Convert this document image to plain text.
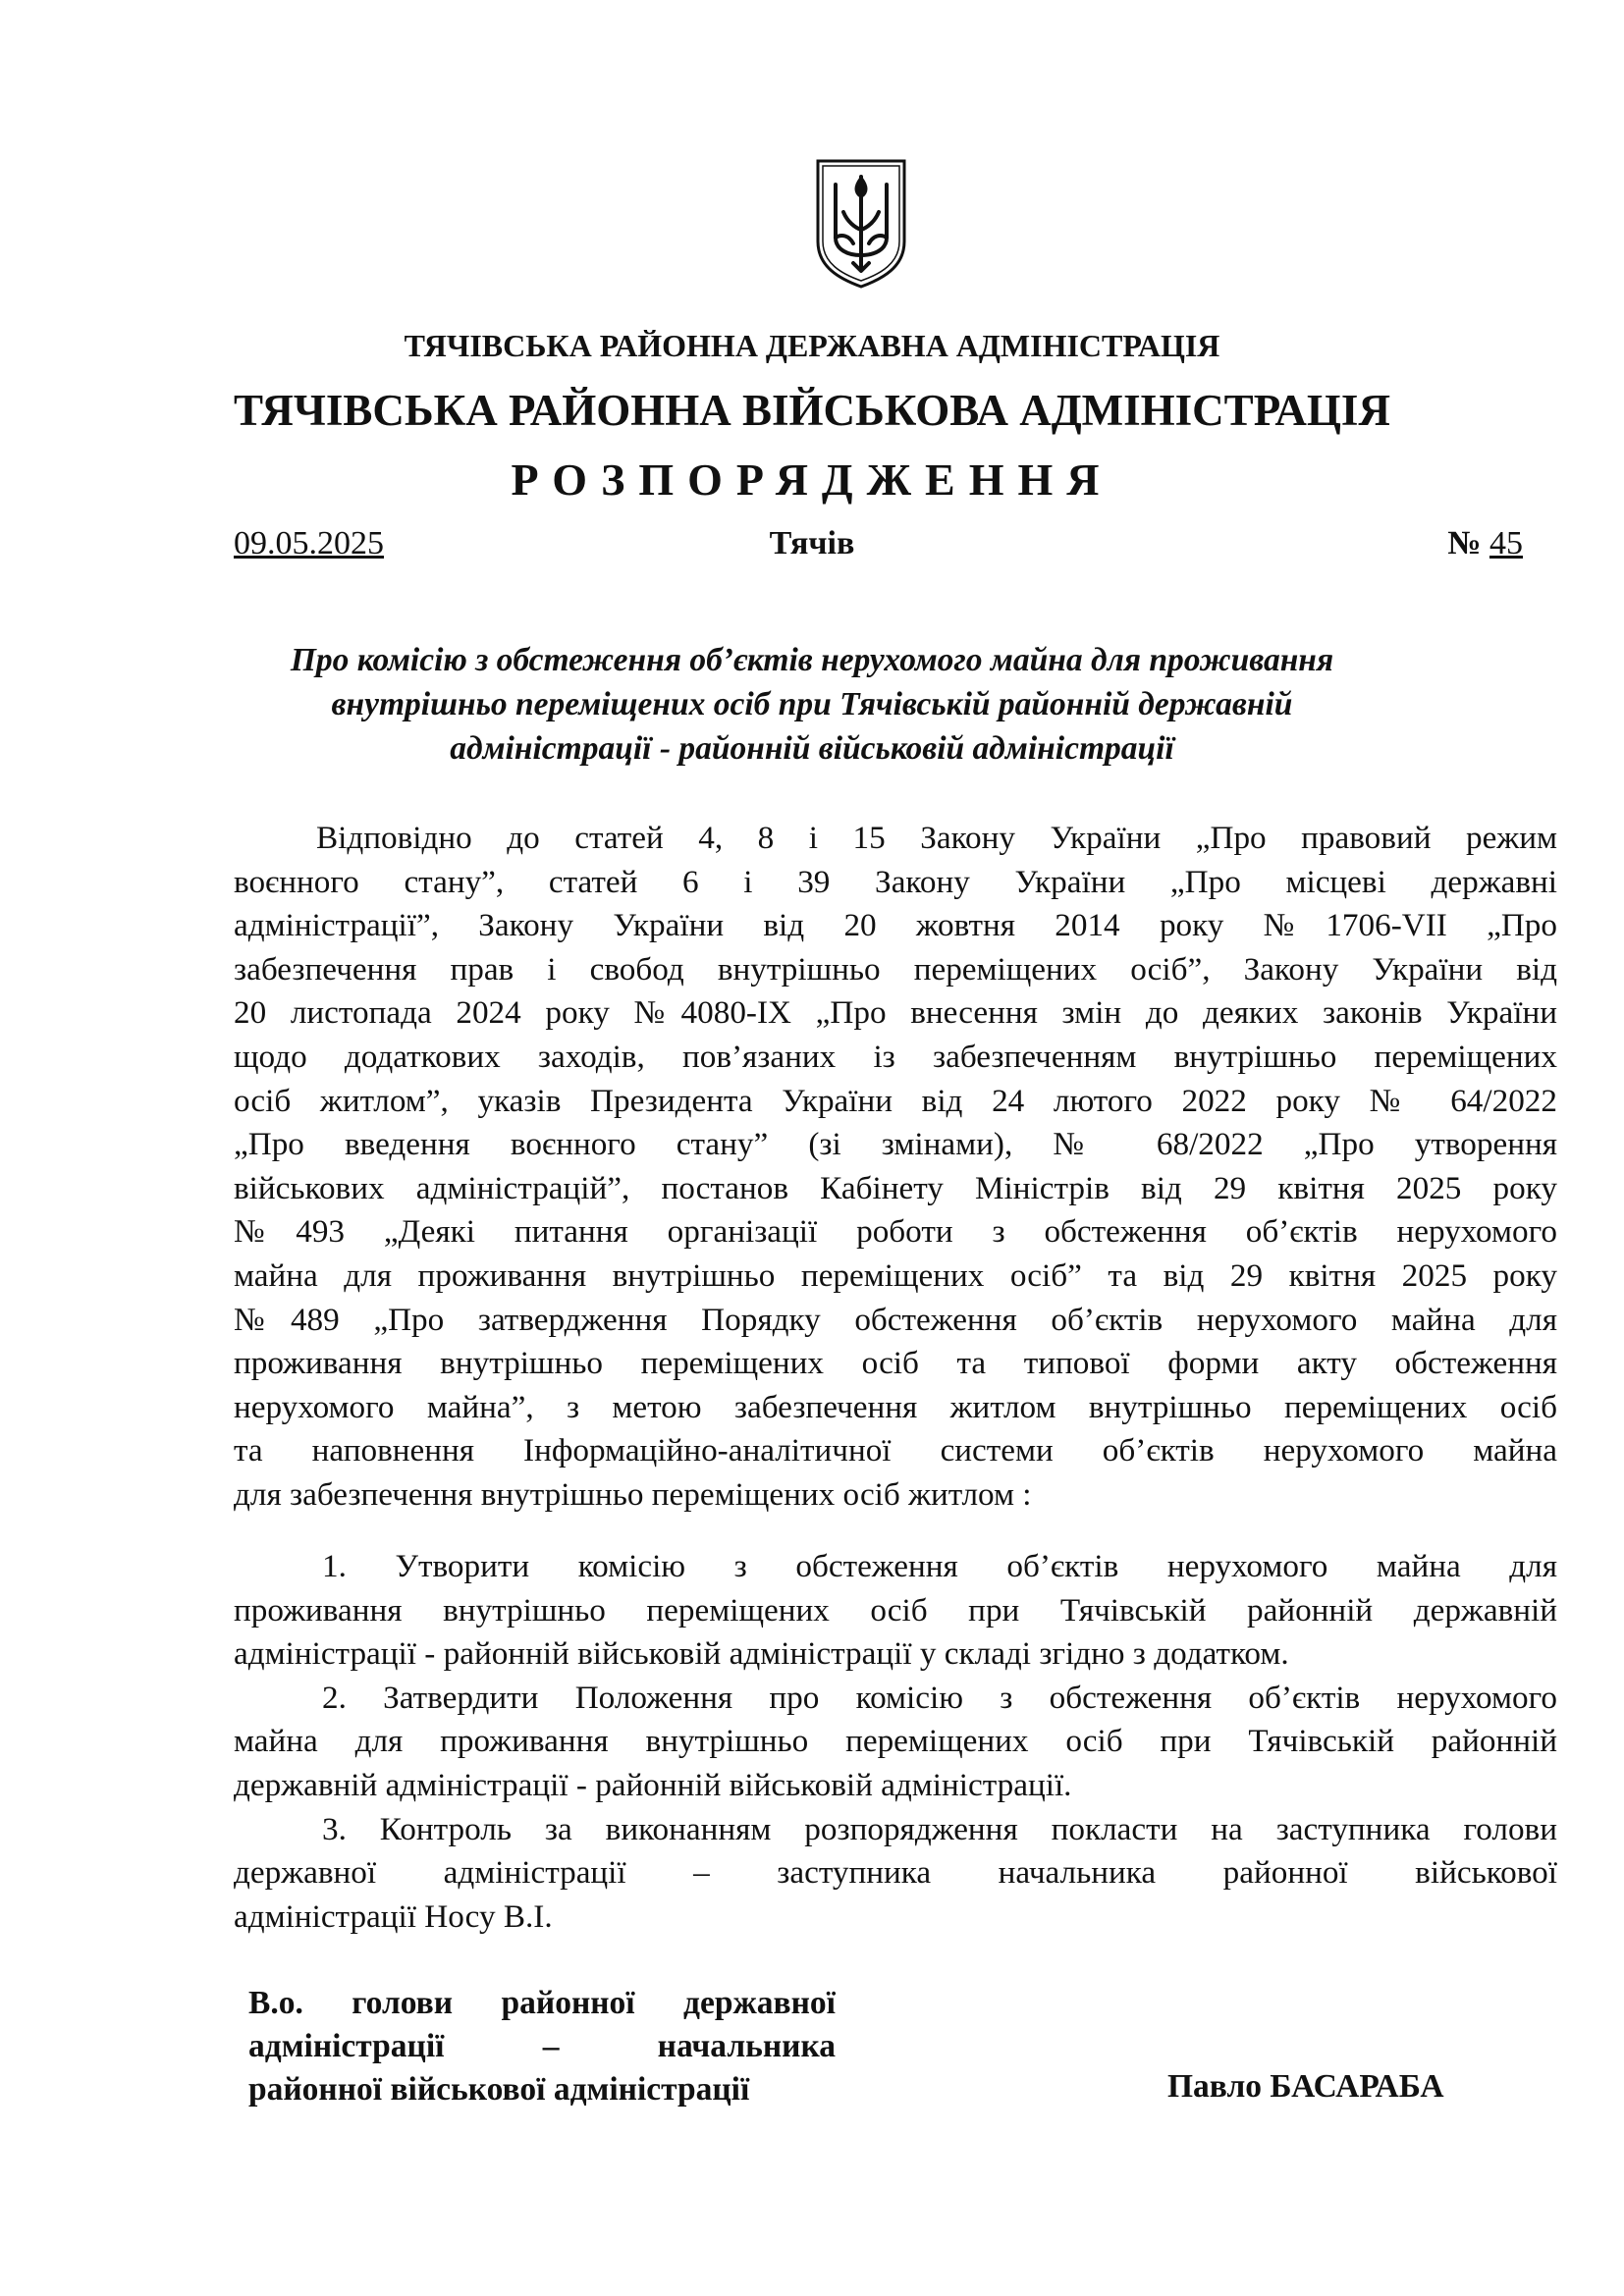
ТЯЧІВСЬКА РАЙОННА ДЕРЖАВНА АДМІНІСТРАЦІЯ
ТЯЧІВСЬКА РАЙОННА ВІЙСЬКОВА АДМІНІСТРАЦІЯ
РОЗПОРЯДЖЕННЯ
09.05.2025	Тячів	№ 45
Про комісію з обстеження об’єктів нерухомого майна для проживання
внутрішньо переміщених осіб при Тячівській районній державній
адміністрації - районній військовій адміністрації
Відповідно до статей 4, 8 і 15 Закону України „Про правовий режим
воєнного стану”, статей 6 і 39 Закону України „Про місцеві державні
адміністрації”, Закону України від 20 жовтня 2014 року №1706-VII „Про
забезпечення прав і свобод внутрішньо переміщених осіб”, Закону України від
20 листопада 2024 року №4080-IX „Про внесення змін до деяких законів України
щодо додаткових заходів, пов’язаних із забезпеченням внутрішньо переміщених
осіб житлом”, указів Президента України від 24 лютого 2022 року № 64/2022
„Про введення воєнного стану” (зі змінами), № 68/2022 „Про утворення
військових адміністрацій”, постанов Кабінету Міністрів від 29 квітня 2025 року
№493 „Деякі питання організації роботи з обстеження об’єктів нерухомого
майна для проживання внутрішньо переміщених осіб” та від 29 квітня 2025 року
№489 „Про затвердження Порядку обстеження об’єктів нерухомого майна для
проживання внутрішньо переміщених осіб та типової форми акту обстеження
нерухомого майна”, з метою забезпечення житлом внутрішньо переміщених осіб
та наповнення Інформаційно-аналітичної системи об’єктів нерухомого майна
для забезпечення внутрішньо переміщених осіб житлом :
1. Утворити комісію з обстеження об’єктів нерухомого майна для
проживання внутрішньо переміщених осіб при Тячівській районній державній
адміністрації - районній військовій адміністрації у складі згідно з додатком.
2. Затвердити Положення про комісію з обстеження об’єктів нерухомого
майна для проживання внутрішньо переміщених осіб при Тячівській районній
державній адміністрації - районній військовій адміністрації.
3. Контроль за виконанням розпорядження покласти на заступника голови
державної адміністрації – заступника начальника районної військової
адміністрації Носу В.І.
В.о. голови районної державної
адміністрації – начальника
районної військової адміністрації	Павло БАСАРАБА
